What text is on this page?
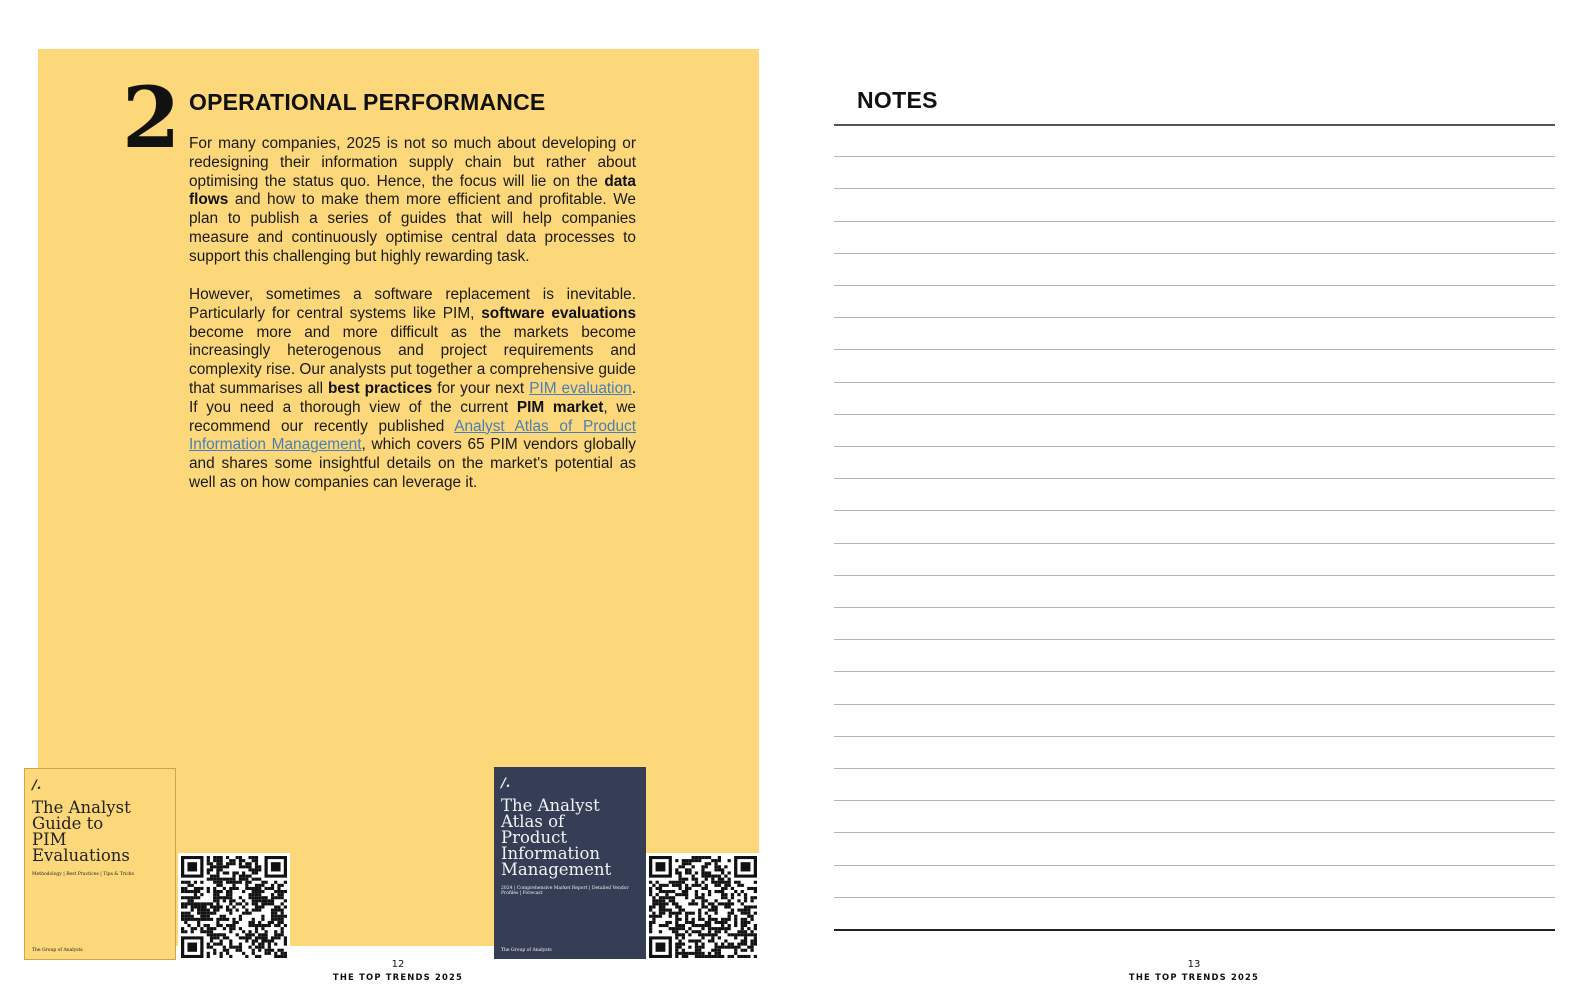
2 OPERATIONAL PERFORMANCE
For many companies, 2025 is not so much about developing or redesigning their information supply chain but rather about optimising the status quo. Hence, the focus will lie on the data flows and how to make them more efficient and profitable. We plan to publish a series of guides that will help companies measure and continuously optimise central data processes to support this challenging but highly rewarding task.
However, sometimes a software replacement is inevitable. Particularly for central systems like PIM, software evaluations become more and more difficult as the markets become increasingly heterogenous and project requirements and complexity rise. Our analysts put together a comprehensive guide that summarises all best practices for your next PIM evaluation. If you need a thorough view of the current PIM market, we recommend our recently published Analyst Atlas of Product Information Management, which covers 65 PIM vendors globally and shares some insightful details on the market's potential as well as on how companies can leverage it.
/.
The Analyst
Guide to
PIM Evaluations
Methodology | Best Practices | Tips & Tricks
The Group of Analysts
/.
The Analyst
Atlas of
Product
Information
Management
2024 | Comprehensive Market Report | Detailed Vendor Profiles | Forecast
The Group of Analysts
12
THE TOP TRENDS 2025
NOTES
13
THE TOP TRENDS 2025
